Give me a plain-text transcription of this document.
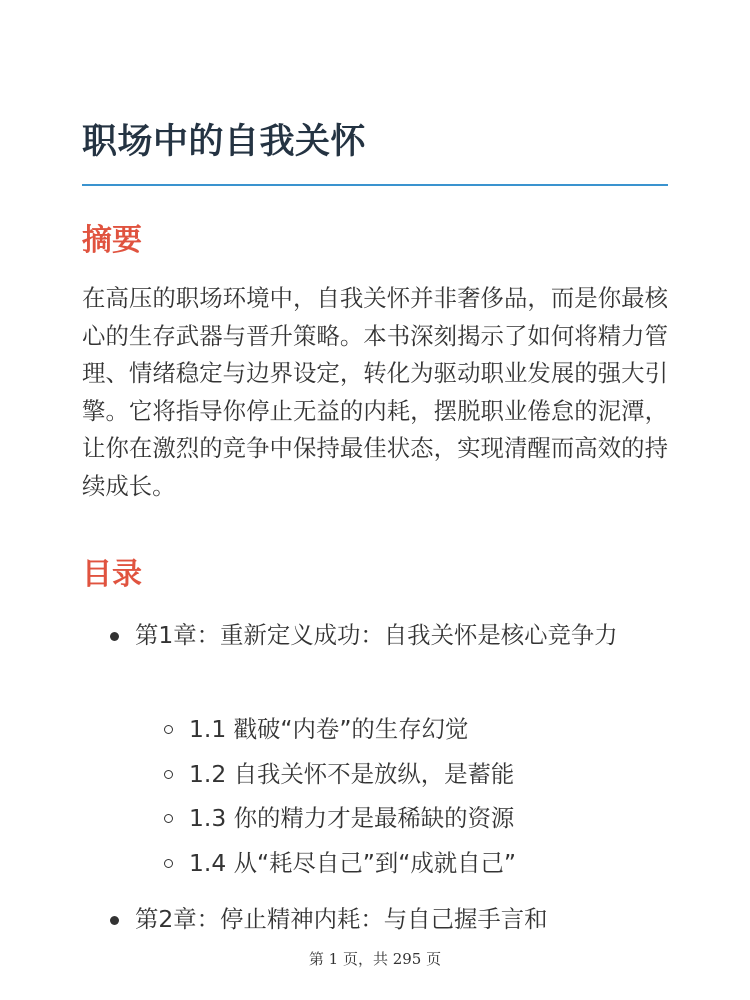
职场中的自我关怀
摘要

在高压的职场环境中，自我关怀并非奢侈品，而是你最核心的生存武器与晋升策略。本书深刻揭示了如何将精力管理、情绪稳定与边界设定，转化为驱动职业发展的强大引擎。它将指导你停止无益的内耗，摆脱职业倦怠的泥潭，让你在激烈的竞争中保持最佳状态，实现清醒而高效的持续成长。

目录

第1章：重新定义成功：自我关怀是核心竞争力

1.1 戳破“内卷”的生存幻觉
1.2 自我关怀不是放纵，是蓄能
1.3 你的精力才是最稀缺的资源
1.4 从“耗尽自己”到“成就自己”

第2章：停止精神内耗：与自己握手言和

第 1 页，共 295 页
